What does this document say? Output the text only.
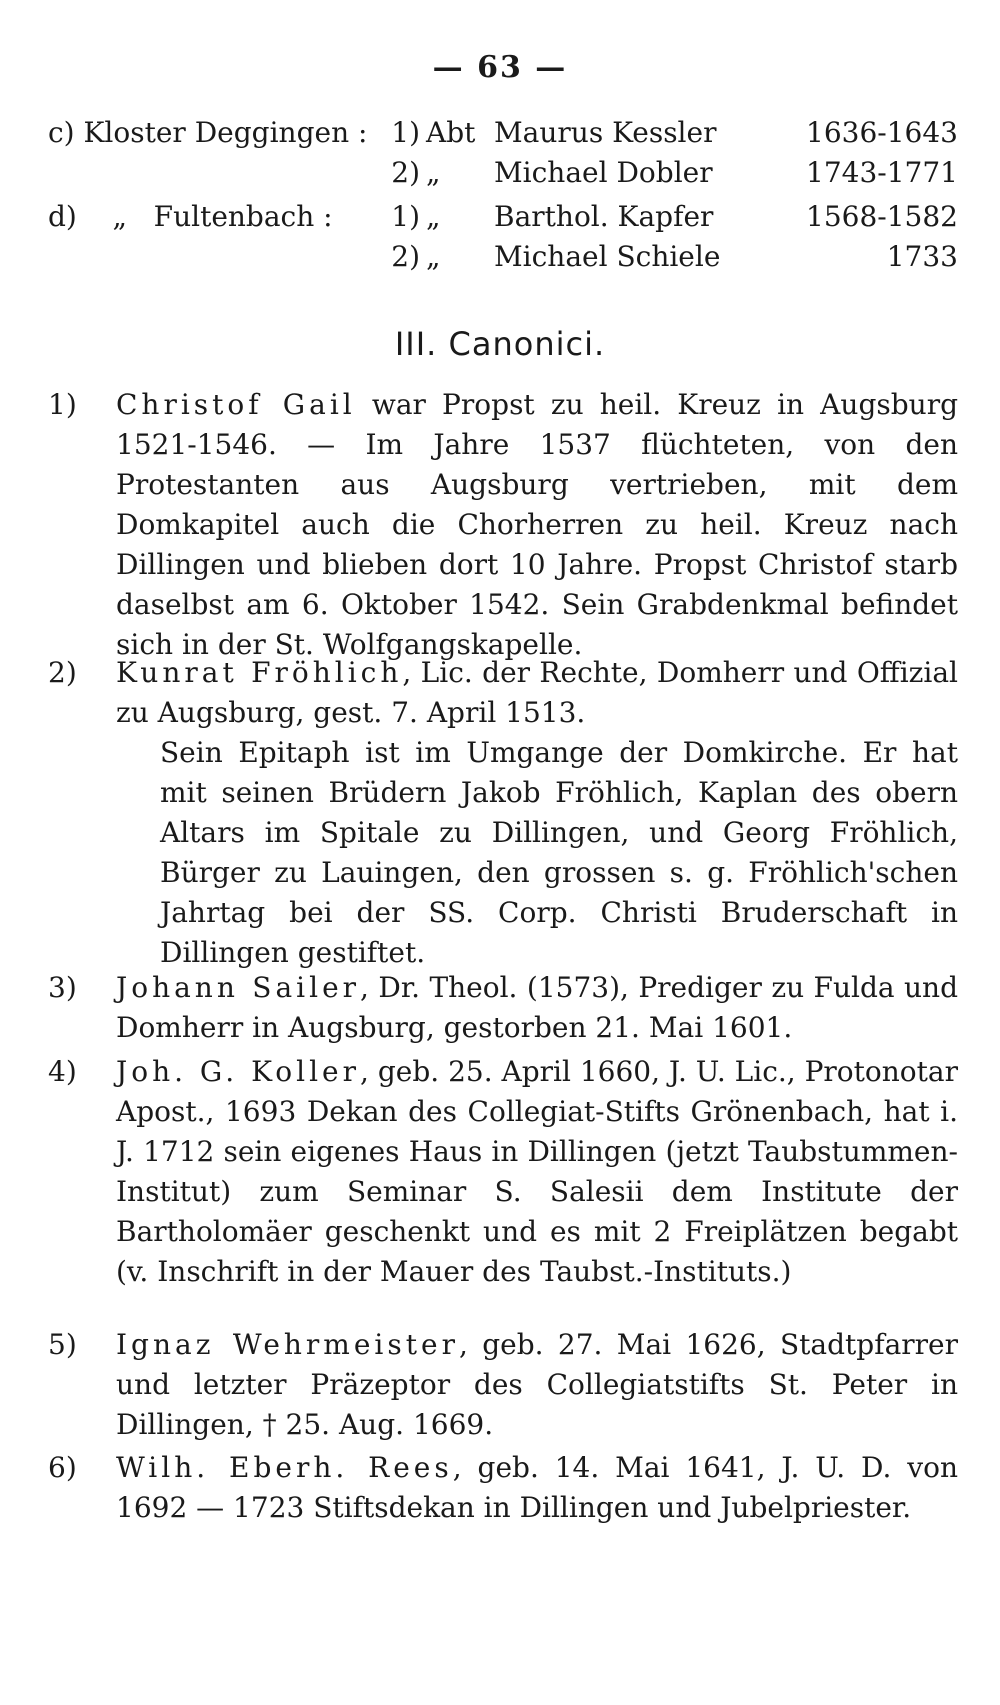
— 63 —
c) Kloster Deggingen : 1) Abt Maurus Kessler	1636-1643
2) „	Michael Dobler	1743-1771
d)    „   Fultenbach :	1) „	Barthol. Kapfer	1568-1582
2) „	Michael Schiele	1733
III. Canonici.
1) Christof Gail war Propst zu heil. Kreuz in Augsburg 1521-1546. — Im Jahre 1537 flüchteten, von den Protestanten aus Augsburg vertrieben, mit dem Domkapitel auch die Chorherren zu heil. Kreuz nach Dillingen und blieben dort 10 Jahre. Propst Christof starb daselbst am 6. Oktober 1542. Sein Grabdenkmal befindet sich in der St. Wolfgangskapelle.
2) Kunrat Fröhlich, Lic. der Rechte, Domherr und Offizial zu Augsburg, gest. 7. April 1513.
Sein Epitaph ist im Umgange der Domkirche. Er hat mit seinen Brüdern Jakob Fröhlich, Kaplan des obern Altars im Spitale zu Dillingen, und Georg Fröhlich, Bürger zu Lauingen, den grossen s. g. Fröhlich'schen Jahrtag bei der SS. Corp. Christi Bruderschaft in Dillingen gestiftet.
3) Johann Sailer, Dr. Theol. (1573), Prediger zu Fulda und Domherr in Augsburg, gestorben 21. Mai 1601.
4) Joh. G. Koller, geb. 25. April 1660, J. U. Lic., Protonotar Apost., 1693 Dekan des Collegiat-Stifts Grönenbach, hat i. J. 1712 sein eigenes Haus in Dillingen (jetzt Taubstummen-Institut) zum Seminar S. Salesii dem Institute der Bartholomäer geschenkt und es mit 2 Freiplätzen begabt (v. Inschrift in der Mauer des Taubst.-Instituts.)
5) Ignaz Wehrmeister, geb. 27. Mai 1626, Stadtpfarrer und letzter Präzeptor des Collegiatstifts St. Peter in Dillingen, † 25. Aug. 1669.
6) Wilh. Eberh. Rees, geb. 14. Mai 1641, J. U. D. von 1692 — 1723 Stiftsdekan in Dillingen und Jubelpriester.
